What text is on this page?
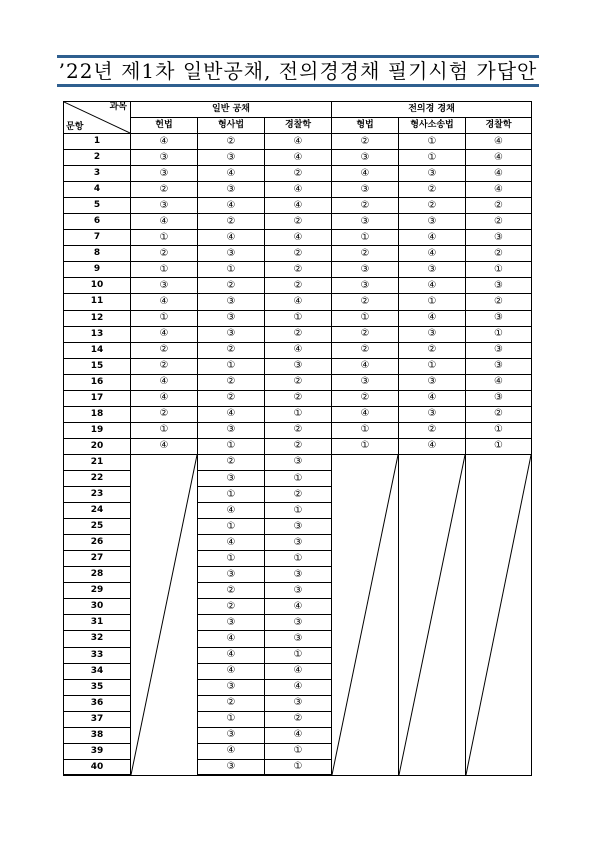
’22년 제1차 일반공채, 전의경경채 필기시험 가답안
과목
문항	일반 공채			전의경 경채		
	헌법	형사법	경찰학	형법	형사소송법	경찰학
1	④	②	④	②	①	④
2	③	③	④	③	①	④
3	③	④	②	④	③	④
4	②	③	④	③	②	④
5	③	④	④	②	②	②
6	④	②	②	③	③	②
7	①	④	④	①	④	③
8	②	③	②	②	④	②
9	①	①	②	③	③	①
10	③	②	②	③	④	③
11	④	③	④	②	①	②
12	①	③	①	①	④	③
13	④	③	②	②	③	①
14	②	②	④	②	②	③
15	②	①	③	④	①	③
16	④	②	②	③	③	④
17	④	②	②	②	④	③
18	②	④	①	④	③	②
19	①	③	②	①	②	①
20	④	①	②	①	④	①
21		②	③	

22		③	①			
23		①	②			
24		④	①			
25		①	③			
26		④	③			
27		①	①			
28		③	③			
29		②	③			
30		②	④			
31		③	③			
32		④	③			
33		④	①			
34		④	④			
35		③	④			
36		②	③			
37		①	②			
38		③	④			
39		④	①			
40		③	①			
